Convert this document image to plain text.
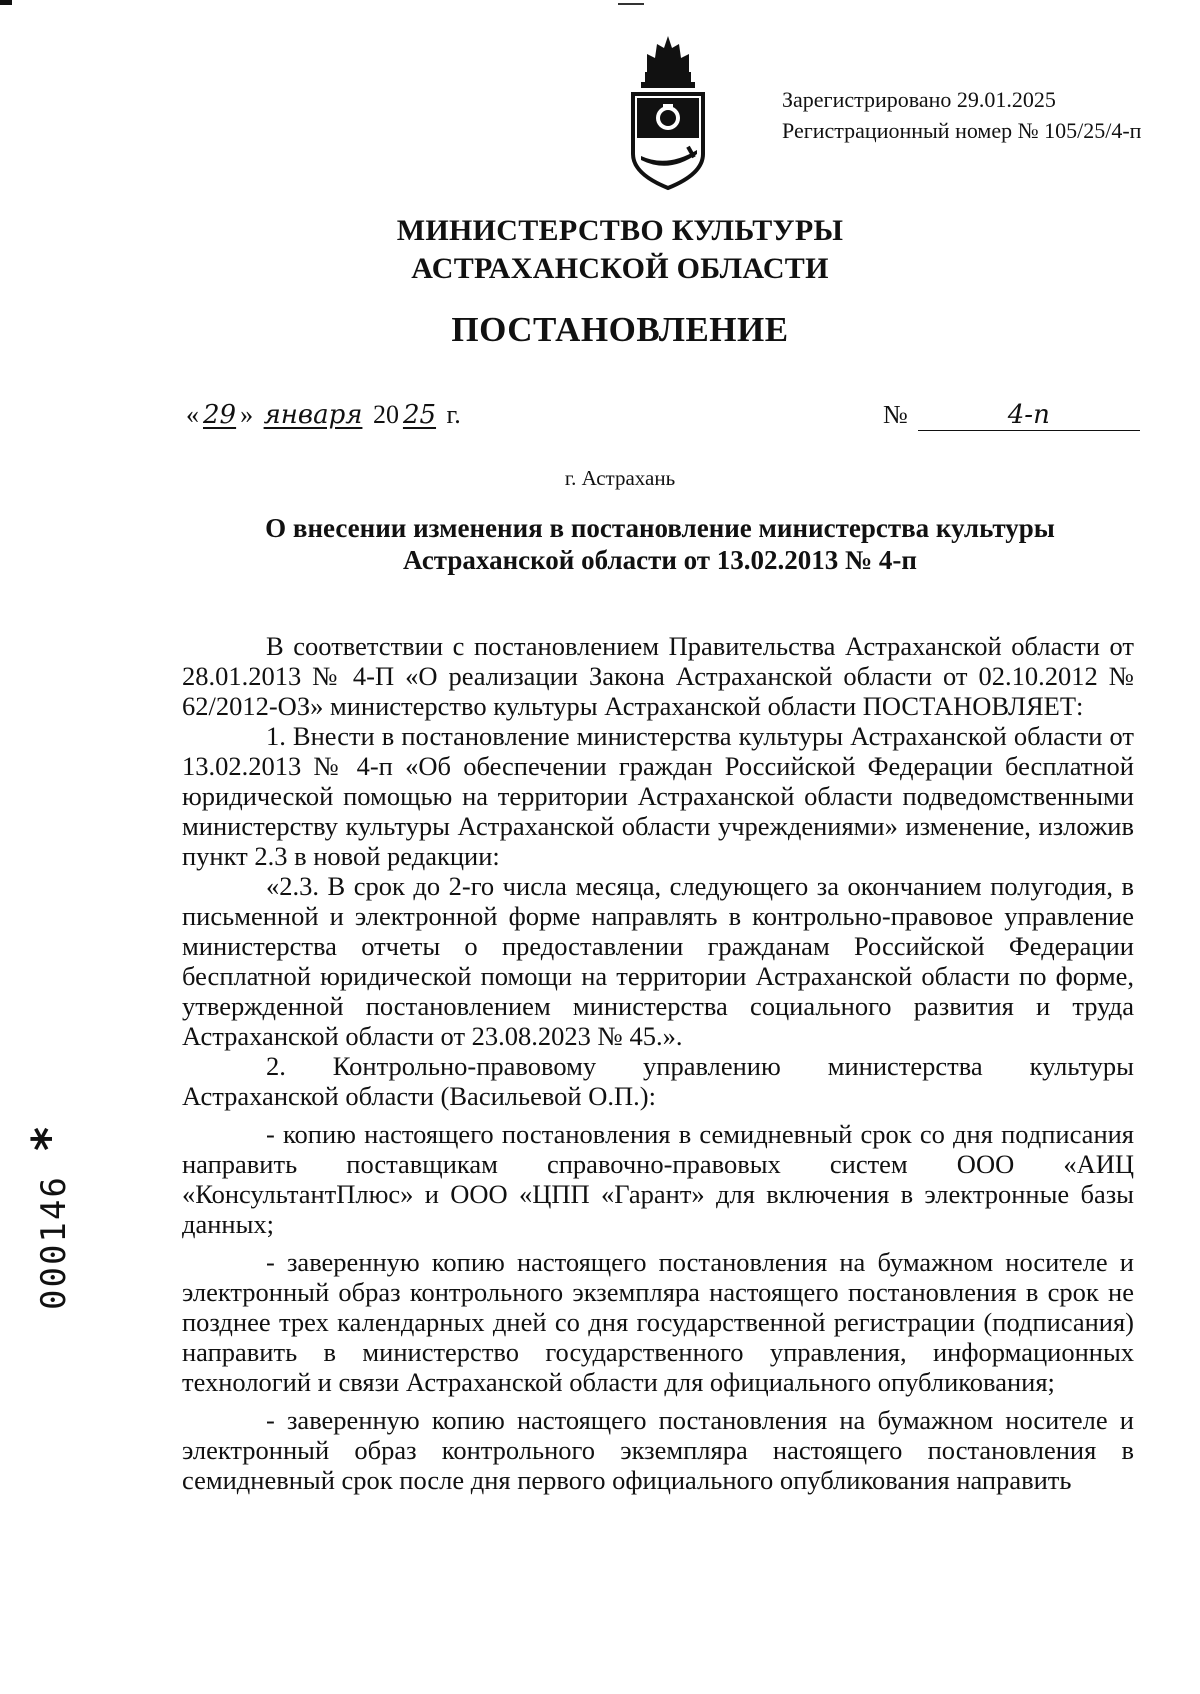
Зарегистрировано 29.01.2025
Регистрационный номер № 105/25/4-п
МИНИСТЕРСТВО КУЛЬТУРЫ
АСТРАХАНСКОЙ ОБЛАСТИ
ПОСТАНОВЛЕНИЕ
« 29 » января 20 25 г.	№	4-п
г. Астрахань
О внесении изменения в постановление министерства культуры
Астраханской области от 13.02.2013 № 4-п

В соответствии с постановлением Правительства Астраханской области от 28.01.2013 № 4-П «О реализации Закона Астраханской области от 02.10.2012 № 62/2012-ОЗ» министерство культуры Астраханской области ПОСТАНОВЛЯЕТ:

1. Внести в постановление министерства культуры Астраханской области от 13.02.2013 № 4-п «Об обеспечении граждан Российской Федерации бесплатной юридической помощью на территории Астраханской области подведомственными министерству культуры Астраханской области учреждениями» изменение, изложив пункт 2.3 в новой редакции:

«2.3. В срок до 2-го числа месяца, следующего за окончанием полугодия, в письменной и электронной форме направлять в контрольно-правовое управление министерства отчеты о предоставлении гражданам Российской Федерации бесплатной юридической помощи на территории Астраханской области по форме, утвержденной постановлением министерства социального развития и труда Астраханской области от 23.08.2023 № 45.».

2. Контрольно-правовому управлению министерства культуры Астраханской области (Васильевой О.П.):

- копию настоящего постановления в семидневный срок со дня подписания направить поставщикам справочно-правовых систем ООО «АИЦ «КонсультантПлюс» и ООО «ЦПП «Гарант» для включения в электронные базы данных;

- заверенную копию настоящего постановления на бумажном носителе и электронный образ контрольного экземпляра настоящего постановления в срок не позднее трех календарных дней со дня государственной регистрации (подписания) направить в министерство государственного управления, информационных технологий и связи Астраханской области для официального опубликования;

- заверенную копию настоящего постановления на бумажном носителе и электронный образ контрольного экземпляра настоящего постановления в семидневный срок после дня первого официального опубликования направить

000146 *
